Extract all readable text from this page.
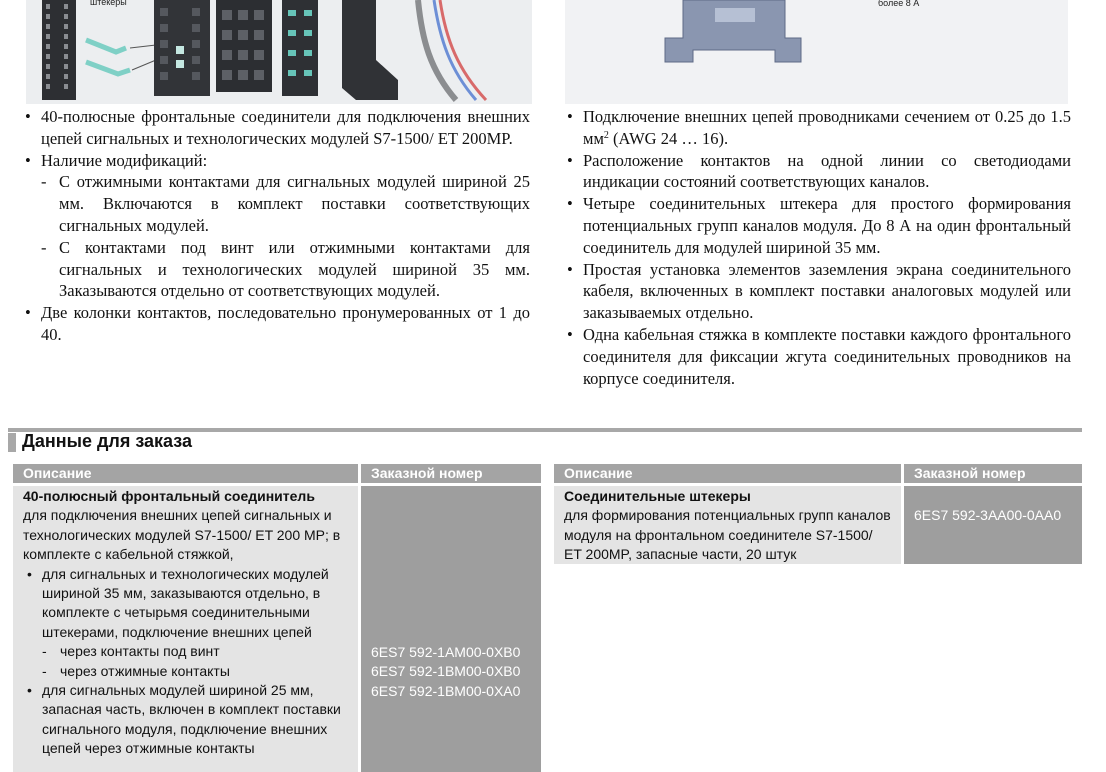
штекеры	более 8 А
• 40-полюсные фронтальные соединители для подключения внешних цепей сигнальных и технологических модулей S7-1500/ ET 200MP.
• Наличие модификаций:
- С отжимными контактами для сигнальных модулей шириной 25 мм. Включаются в комплект поставки соответствующих сигнальных модулей.
- С контактами под винт или отжимными контактами для сигнальных и технологических модулей шириной 35 мм. Заказываются отдельно от соответствующих модулей.
• Две колонки контактов, последовательно пронумерованных от 1 до 40.
• Подключение внешних цепей проводниками сечением от 0.25 до 1.5 $мм^2$ (AWG 24 … 16).
• Расположение контактов на одной линии со светодиодами индикации состояний соответствующих каналов.
• Четыре соединительных штекера для простого формирования потенциальных групп каналов модуля. До 8 А на один фронтальный соединитель для модулей шириной 35 мм.
• Простая установка элементов заземления экрана соединительного кабеля, включенных в комплект поставки аналоговых модулей или заказываемых отдельно.
• Одна кабельная стяжка в комплекте поставки каждого фронтального соединителя для фиксации жгута соединительных проводников на корпусе соединителя.
Данные для заказа
Описание	Заказной номер
40-полюсный фронтальный соединитель
для подключения внешних цепей сигнальных и технологических модулей S7-1500/ ET 200 MP; в комплекте с кабельной стяжкой,
• для сигнальных и технологических модулей шириной 35 мм, заказываются отдельно, в комплекте с четырьмя соединительными штекерами, подключение внешних цепей
- через контакты под винт
- через отжимные контакты
• для сигнальных модулей шириной 25 мм, запасная часть, включен в комплект поставки сигнального модуля, подключение внешних цепей через отжимные контакты
6ES7 592-1AM00-0XB0
6ES7 592-1BM00-0XB0
6ES7 592-1BM00-0XA0
Описание	Заказной номер
Соединительные штекеры
для формирования потенциальных групп каналов модуля на фронтальном соединителе S7-1500/ ET 200MP, запасные части, 20 штук
6ES7 592-3AA00-0AA0
